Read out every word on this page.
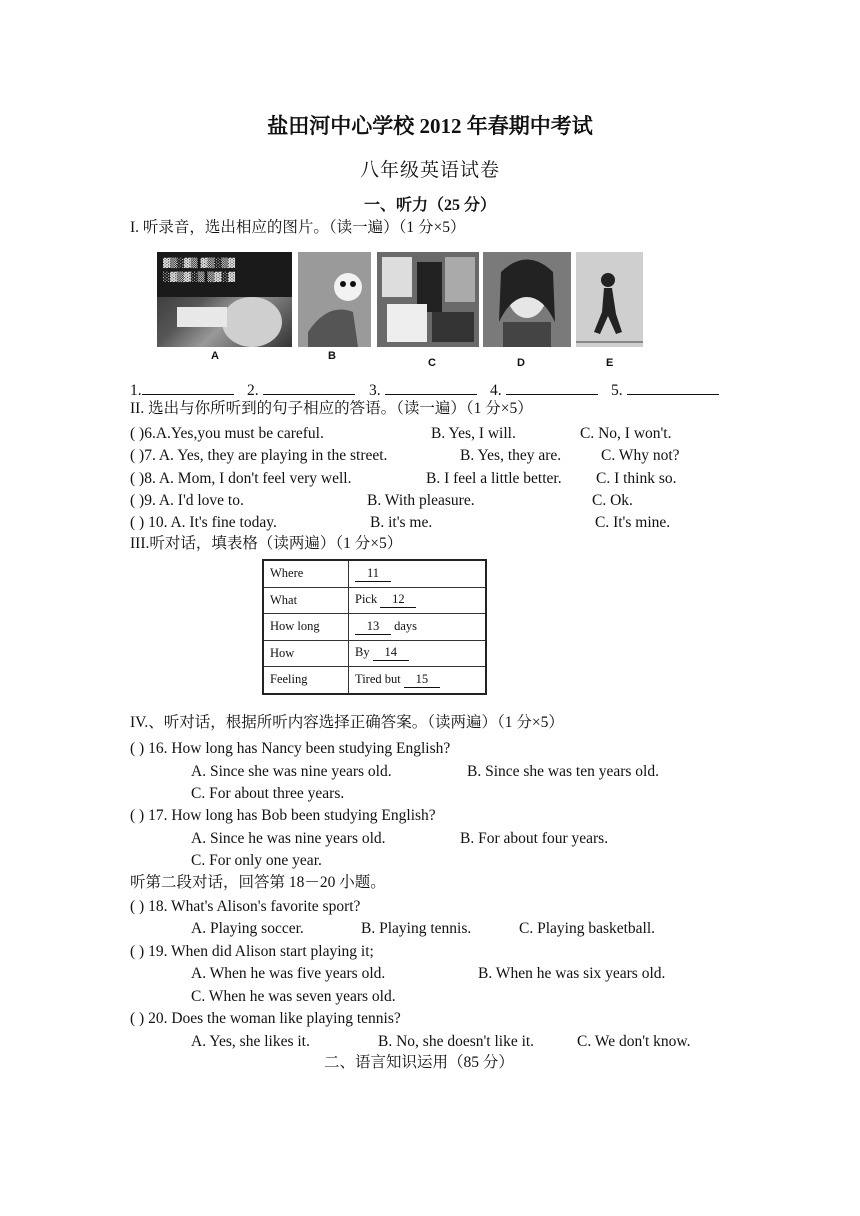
盐田河中心学校 2012 年春期中考试
八年级英语试卷
一、听力（25 分）
I. 听录音，选出相应的图片。（读一遍）（1 分×5）
▓▒░▓▒ ▓▒░▒▓
░▓▒▓░▒ ▒▓░▓
A	B
C	D	E
1.	2.	3.	4.	5.
II. 选出与你所听到的句子相应的答语。（读一遍）（1 分×5）
( )6.A.Yes,you must be careful.	B. Yes, I will.	C. No, I won't.
( )7. A. Yes, they are playing in the street.	B. Yes, they are.	C. Why not?
( )8. A. Mom, I don't feel very well.	B. I feel a little better. C. I think so.
( )9. A. I'd love to.	B. With pleasure.	C. Ok.
( ) 10. A. It's fine today.	B. it's me.	C. It's mine.
III.听对话，填表格（读两遍）（1 分×5）
Where	11
What	Pick 12
How long	13 days
How	By 14
Feeling	Tired but 15
IV.、听对话，根据所听内容选择正确答案。（读两遍）（1 分×5）
( ) 16. How long has Nancy been studying English?
A. Since she was nine years old.	B. Since she was ten years old.
C. For about three years.
( ) 17. How long has Bob been studying English?
A. Since he was nine years old.	B. For about four years.
C. For only one year.
听第二段对话，回答第 18－20 小题。
( ) 18. What's Alison's favorite sport?
A. Playing soccer.	B. Playing tennis.	C. Playing basketball.
( ) 19. When did Alison start playing it;
A. When he was five years old.	B. When he was six years old.
C. When he was seven years old.
( ) 20. Does the woman like playing tennis?
A. Yes, she likes it.	B. No, she doesn't like it.	C. We don't know.
二、语言知识运用（85 分）
